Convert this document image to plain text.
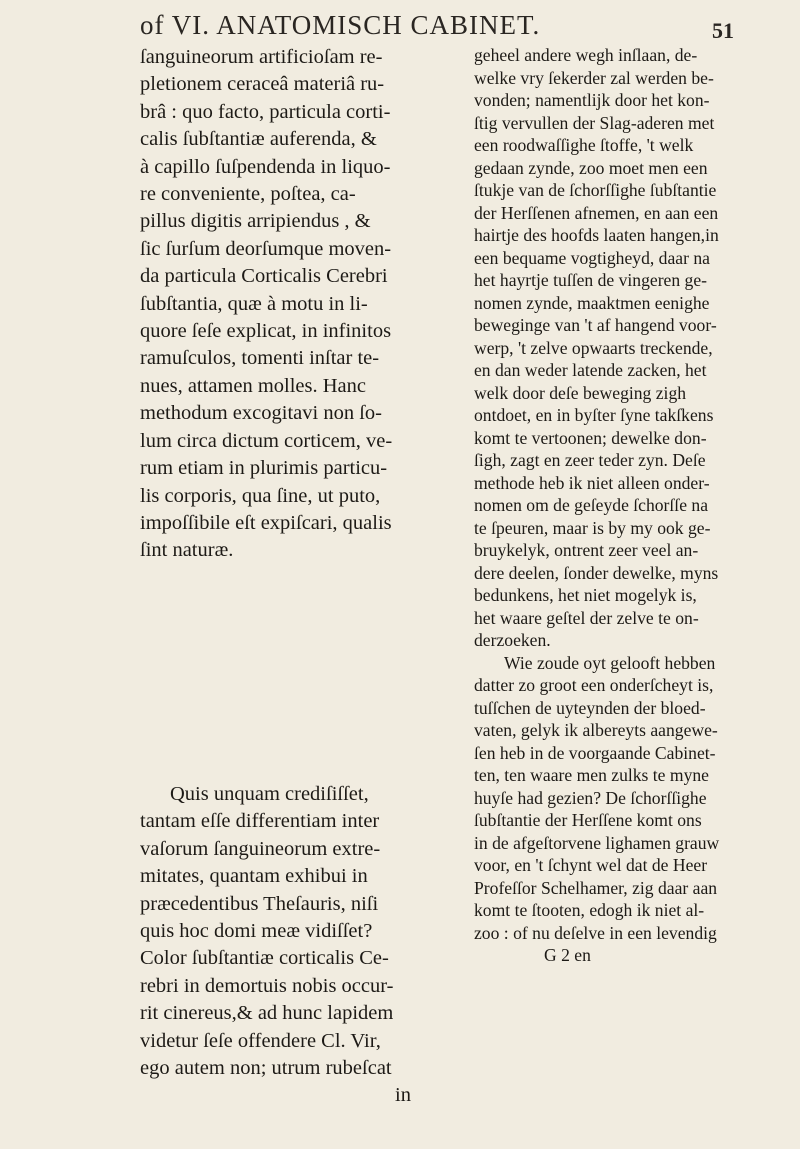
of VI. ANATOMISCH CABINET.	51
ſanguineorum artificioſam re-
pletionem ceraceâ materiâ ru-
brâ : quo facto, particula corti-
calis ſubſtantiæ auferenda, &
à capillo ſuſpendenda in liquo-
re conveniente, poſtea, ca-
pillus digitis arripiendus , &
ſic ſurſum deorſumque moven-
da particula Corticalis Cerebri
ſubſtantia, quæ à motu in li-
quore ſeſe explicat, in infinitos
ramuſculos, tomenti inſtar te-
nues, attamen molles. Hanc
methodum excogitavi non ſo-
lum circa dictum corticem, ve-
rum etiam in plurimis particu-
lis corporis, qua ſine, ut puto,
impoſſibile eſt expiſcari, qualis
ſint naturæ.
Quis unquam crediſiſſet,
tantam eſſe differentiam inter
vaſorum ſanguineorum extre-
mitates, quantam exhibui in
præcedentibus Theſauris, niſi
quis hoc domi meæ vidiſſet?
Color ſubſtantiæ corticalis Ce-
rebri in demortuis nobis occur-
rit cinereus,& ad hunc lapidem
videtur ſeſe offendere Cl. Vir,
ego autem non; utrum rubeſcat
in
geheel andere wegh inſlaan, de-
welke vry ſekerder zal werden be-
vonden; namentlijk door het kon-
ſtig vervullen der Slag-aderen met
een roodwaſſighe ſtoffe, 't welk
gedaan zynde, zoo moet men een
ſtukje van de ſchorſſighe ſubſtantie
der Herſſenen afnemen, en aan een
hairtje des hoofds laaten hangen,in
een bequame vogtigheyd, daar na
het hayrtje tuſſen de vingeren ge-
nomen zynde, maaktmen eenighe
beweginge van 't af hangend voor-
werp, 't zelve opwaarts treckende,
en dan weder latende zacken, het
welk door deſe beweging zigh
ontdoet, en in byſter ſyne takſkens
komt te vertoonen; dewelke don-
ſigh, zagt en zeer teder zyn. Deſe
methode heb ik niet alleen onder-
nomen om de geſeyde ſchorſſe na
te ſpeuren, maar is by my ook ge-
bruykelyk, ontrent zeer veel an-
dere deelen, ſonder dewelke, myns
bedunkens, het niet mogelyk is,
het waare geſtel der zelve te on-
derzoeken.
Wie zoude oyt gelooft hebben
datter zo groot een onderſcheyt is,
tuſſchen de uyteynden der bloed-
vaten, gelyk ik albereyts aangewe-
ſen heb in de voorgaande Cabinet-
ten, ten waare men zulks te myne
huyſe had gezien? De ſchorſſighe
ſubſtantie der Herſſene komt ons
in de afgeſtorvene lighamen grauw
voor, en 't ſchynt wel dat de Heer
Profeſſor Schelhamer, zig daar aan
komt te ſtooten, edogh ik niet al-
zoo : of nu deſelve in een levendig
G 2 en
